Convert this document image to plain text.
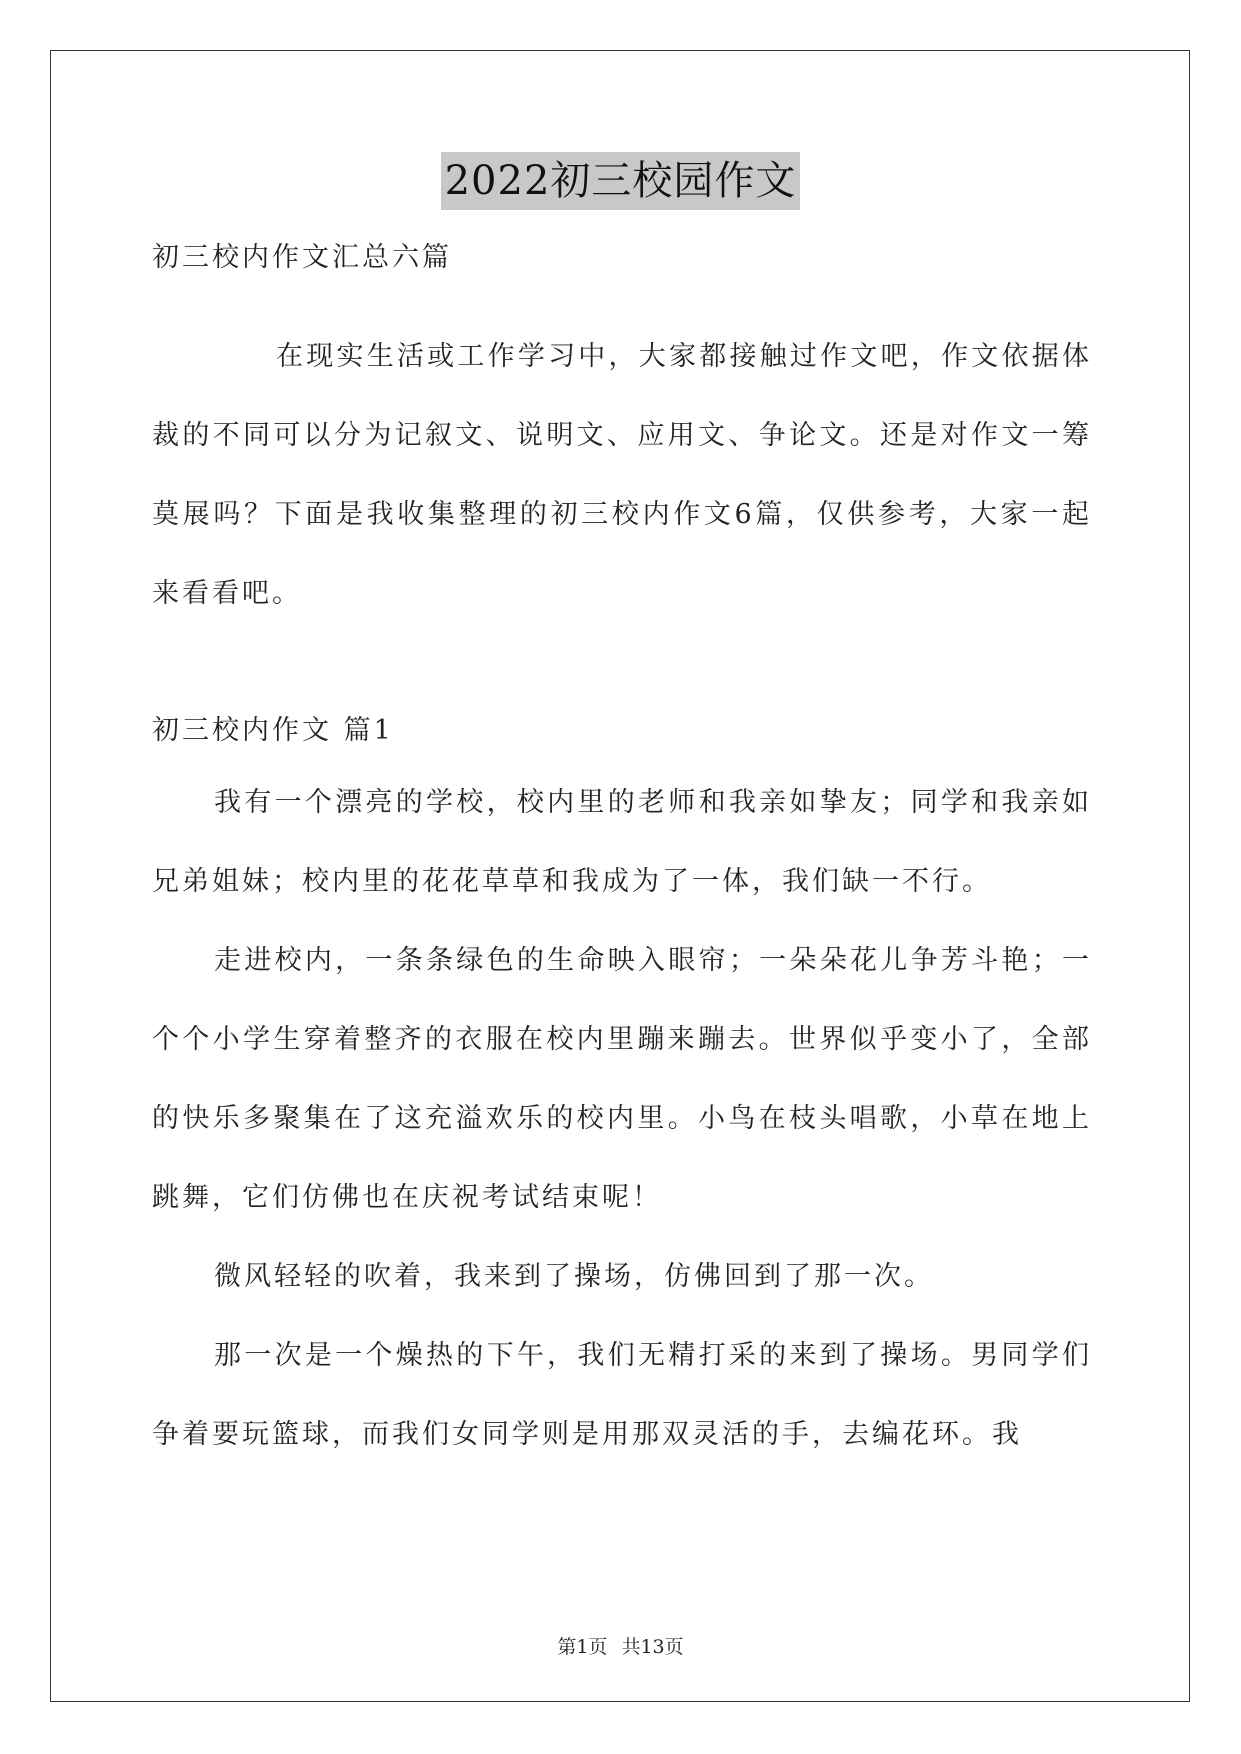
2022初三校园作文
初三校内作文汇总六篇
在现实生活或工作学习中，大家都接触过作文吧，作文依据体裁的不同可以分为记叙文、说明文、应用文、争论文。还是对作文一筹莫展吗？下面是我收集整理的初三校内作文6篇，仅供参考，大家一起来看看吧。
初三校内作文 篇1
我有一个漂亮的学校，校内里的老师和我亲如挚友；同学和我亲如兄弟姐妹；校内里的花花草草和我成为了一体，我们缺一不行。
走进校内，一条条绿色的生命映入眼帘；一朵朵花儿争芳斗艳；一个个小学生穿着整齐的衣服在校内里蹦来蹦去。世界似乎变小了，全部的快乐多聚集在了这充溢欢乐的校内里。小鸟在枝头唱歌，小草在地上跳舞，它们仿佛也在庆祝考试结束呢！
微风轻轻的吹着，我来到了操场，仿佛回到了那一次。
那一次是一个燥热的下午，我们无精打采的来到了操场。男同学们争着要玩篮球，而我们女同学则是用那双灵活的手，去编花环。我
第1页 共13页
